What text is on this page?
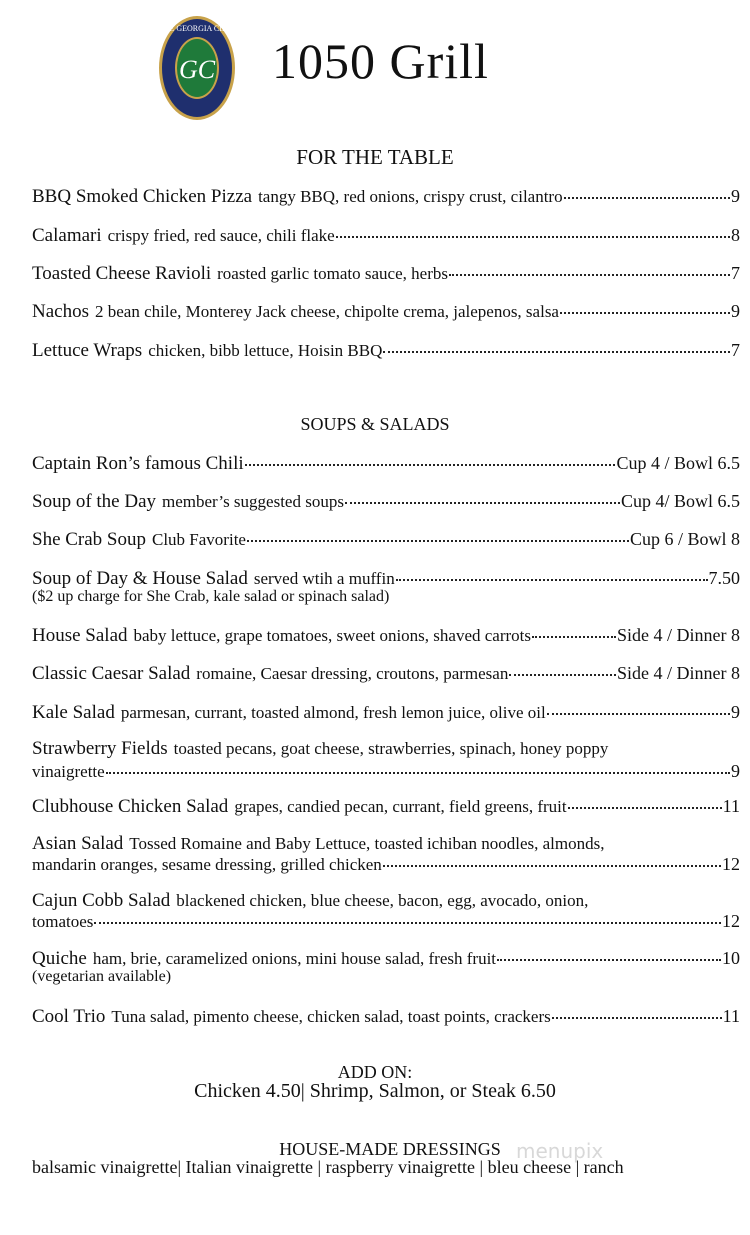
GC
THE GEORGIA CLUB
1050 Grill
FOR THE TABLE
BBQ Smoked Chicken Pizza tangy BBQ, red onions, crispy crust, cilantro	9
Calamari crispy fried, red sauce, chili flake	8
Toasted Cheese Ravioli roasted garlic tomato sauce, herbs	7
Nachos 2 bean chile, Monterey Jack cheese, chipolte crema, jalepenos, salsa	9
Lettuce Wraps chicken, bibb lettuce, Hoisin BBQ	7
SOUPS & SALADS
Captain Ron’s famous Chili	Cup 4 / Bowl 6.5
Soup of the Day member’s suggested soups	Cup 4/ Bowl 6.5
She Crab Soup Club Favorite	Cup 6 / Bowl 8
Soup of Day & House Salad served wtih a muffin	7.50
($2 up charge for She Crab, kale salad or spinach salad)
House Salad baby lettuce, grape tomatoes, sweet onions, shaved carrots	Side 4 / Dinner 8
Classic Caesar Salad romaine, Caesar dressing, croutons, parmesan	Side 4 / Dinner 8
Kale Salad parmesan, currant, toasted almond, fresh lemon juice, olive oil	9
Strawberry Fields toasted pecans, goat cheese, strawberries, spinach, honey poppy
vinaigrette	9
Clubhouse Chicken Salad grapes, candied pecan, currant, field greens, fruit	11
Asian Salad Tossed Romaine and Baby Lettuce, toasted ichiban noodles, almonds,
mandarin oranges, sesame dressing, grilled chicken	12
Cajun Cobb Salad blackened chicken, blue cheese, bacon, egg, avocado, onion,
tomatoes	12
Quiche ham, brie, caramelized onions, mini house salad, fresh fruit	10
(vegetarian available)
Cool Trio Tuna salad, pimento cheese, chicken salad, toast points, crackers	11
ADD ON:
Chicken 4.50| Shrimp, Salmon, or Steak 6.50
HOUSE-MADE DRESSINGS menupix
balsamic vinaigrette| Italian vinaigrette | raspberry vinaigrette | bleu cheese | ranch
